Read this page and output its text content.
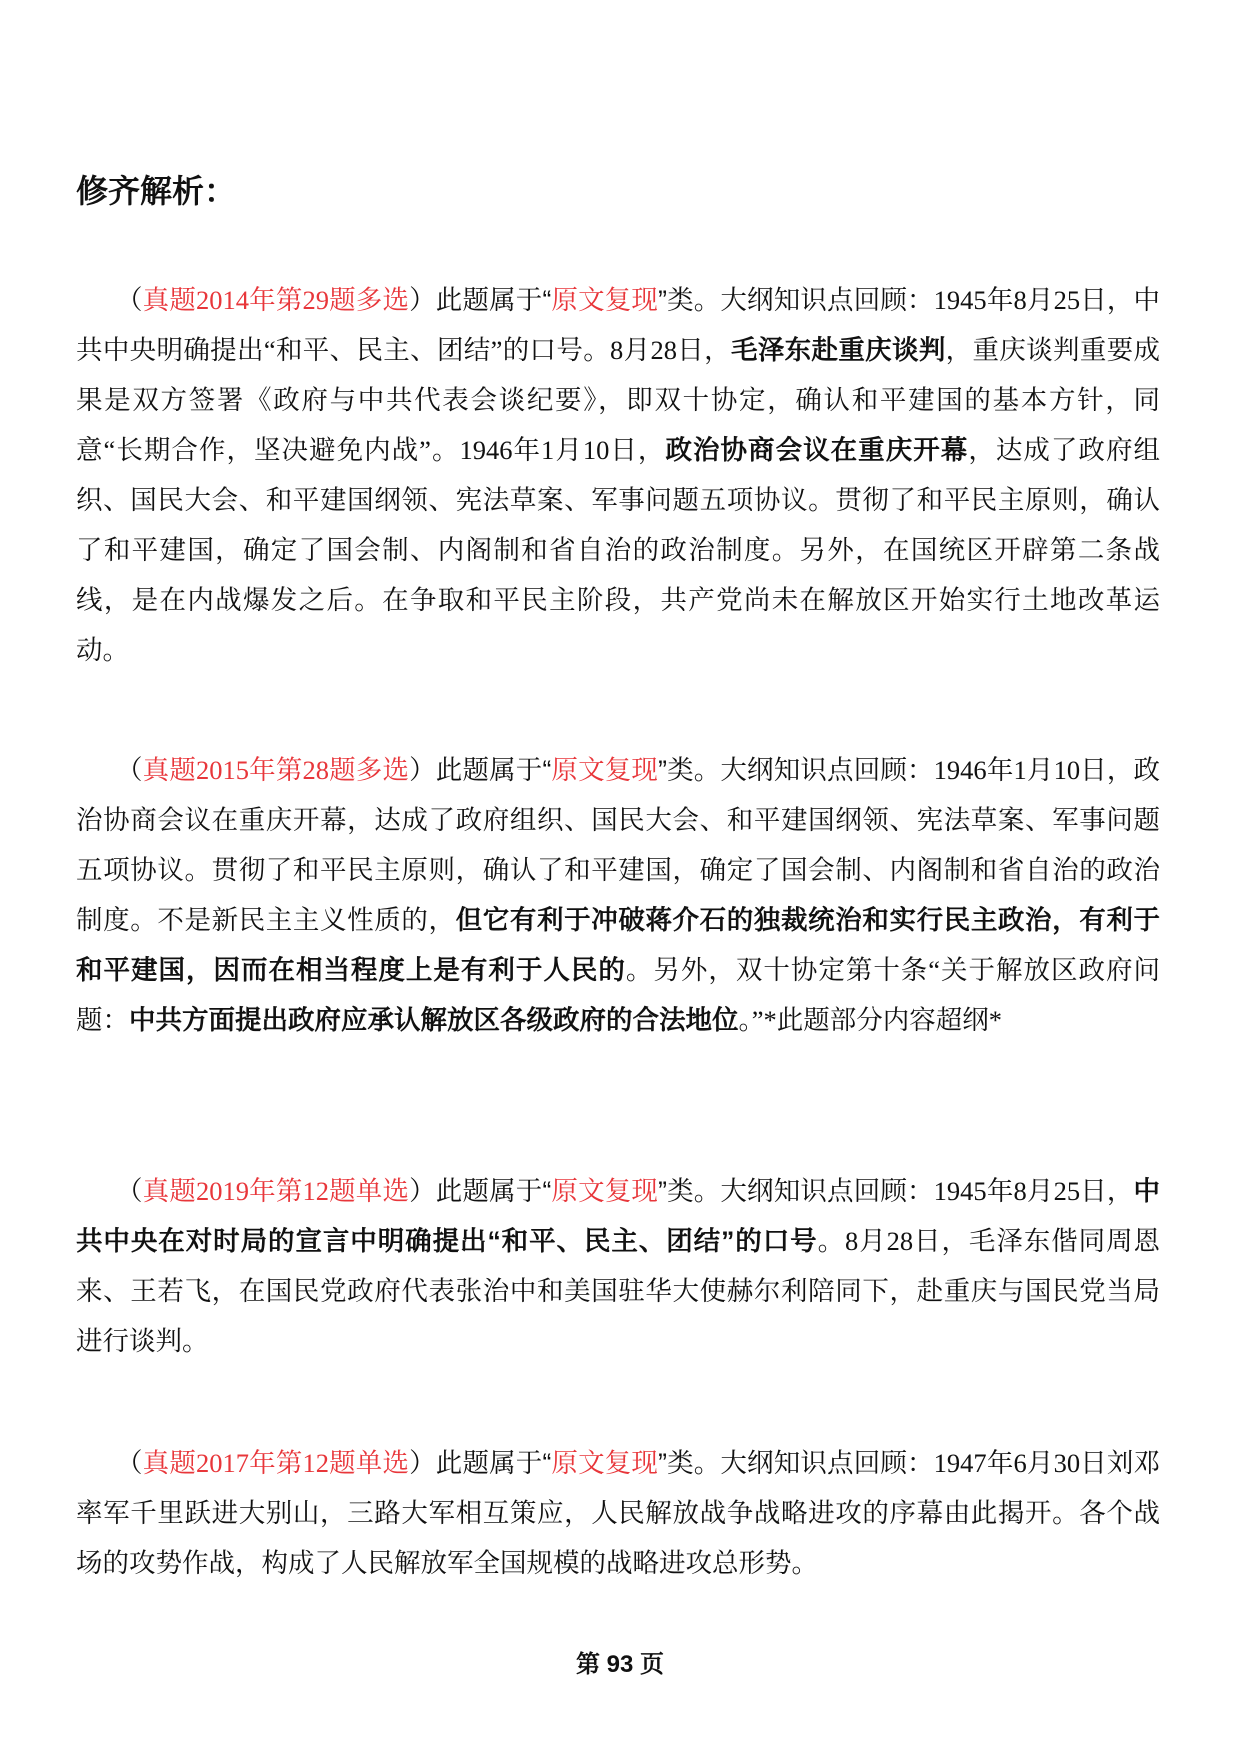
修齐解析：
（真题2014年第29题多选）此题属于“原文复现”类。大纲知识点回顾：1945年8月25日，中共中央明确提出“和平、民主、团结”的口号。8月28日，毛泽东赴重庆谈判，重庆谈判重要成果是双方签署《政府与中共代表会谈纪要》，即双十协定，确认和平建国的基本方针，同意“长期合作，坚决避免内战”。1946年1月10日，政治协商会议在重庆开幕，达成了政府组织、国民大会、和平建国纲领、宪法草案、军事问题五项协议。贯彻了和平民主原则，确认了和平建国，确定了国会制、内阁制和省自治的政治制度。另外，在国统区开辟第二条战线，是在内战爆发之后。在争取和平民主阶段，共产党尚未在解放区开始实行土地改革运动。
（真题2015年第28题多选）此题属于“原文复现”类。大纲知识点回顾：1946年1月10日，政治协商会议在重庆开幕，达成了政府组织、国民大会、和平建国纲领、宪法草案、军事问题五项协议。贯彻了和平民主原则，确认了和平建国，确定了国会制、内阁制和省自治的政治制度。不是新民主主义性质的，但它有利于冲破蒋介石的独裁统治和实行民主政治，有利于和平建国，因而在相当程度上是有利于人民的。另外，双十协定第十条“关于解放区政府问题：中共方面提出政府应承认解放区各级政府的合法地位。”*此题部分内容超纲*
（真题2019年第12题单选）此题属于“原文复现”类。大纲知识点回顾：1945年8月25日，中共中央在对时局的宣言中明确提出“和平、民主、团结”的口号。8月28日，毛泽东偕同周恩来、王若飞，在国民党政府代表张治中和美国驻华大使赫尔利陪同下，赴重庆与国民党当局进行谈判。
（真题2017年第12题单选）此题属于“原文复现”类。大纲知识点回顾：1947年6月30日刘邓率军千里跃进大别山，三路大军相互策应，人民解放战争战略进攻的序幕由此揭开。各个战场的攻势作战，构成了人民解放军全国规模的战略进攻总形势。
第 93 页
